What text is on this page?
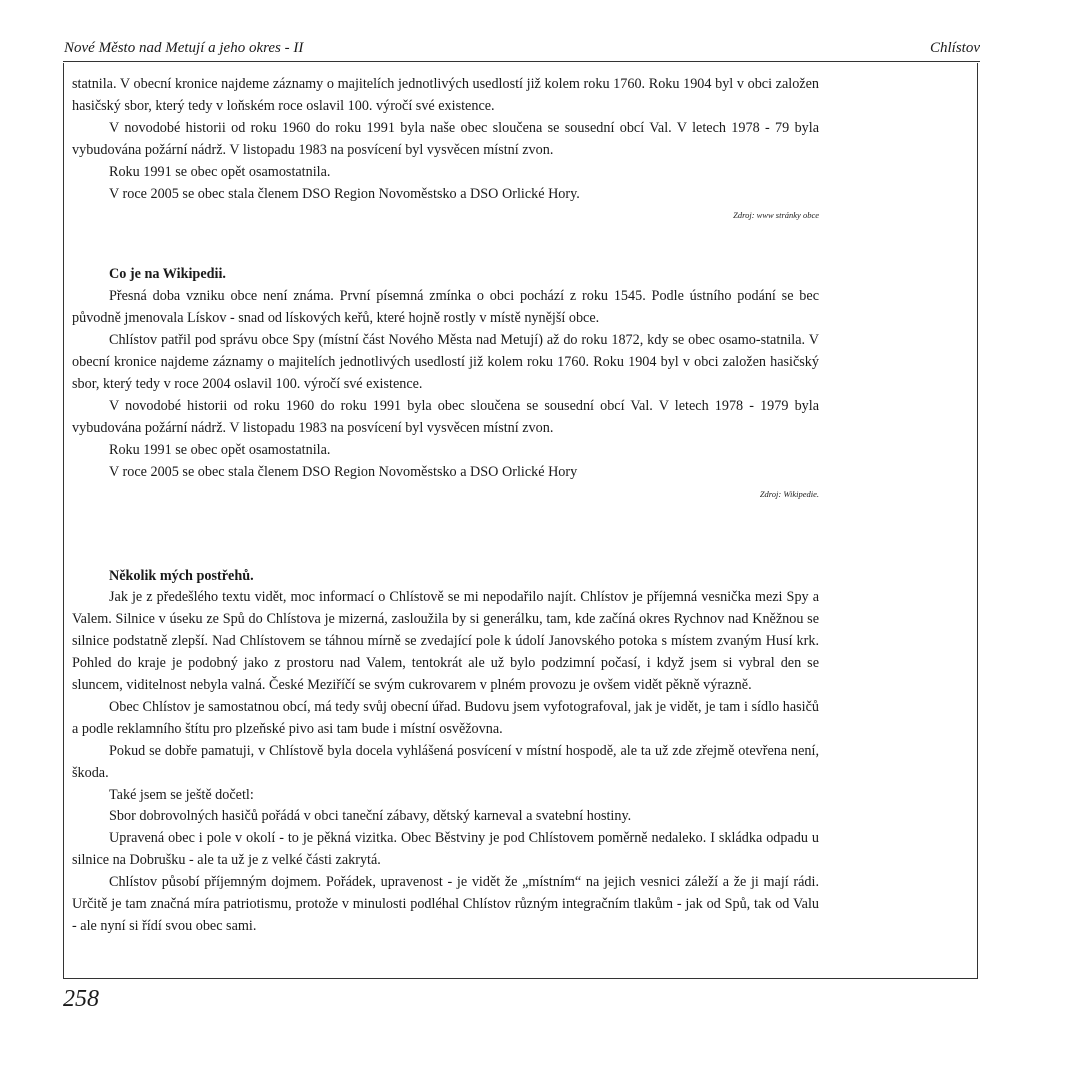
Nové Město nad Metují a jeho okres - II	Chlístov

statnila. V obecní kronice najdeme záznamy o majitelích jednotlivých usedlostí již kolem roku 1760. Roku 1904 byl v obci založen hasičský sbor, který tedy v loňském roce oslavil 100. výročí své existence.

V novodobé historii od roku 1960 do roku 1991 byla naše obec sloučena se sousední obcí Val. V letech 1978 - 79 byla vybudována požární nádrž. V listopadu 1983 na posvícení byl vysvěcen místní zvon.

Roku 1991 se obec opět osamostatnila.

V roce 2005 se obec stala členem DSO Region Novoměstsko a DSO Orlické Hory.

Zdroj: www stránky obce

Co je na Wikipedii.

Přesná doba vzniku obce není známa. První písemná zmínka o obci pochází z roku 1545. Podle ústního podání se bec původně jmenovala Lískov - snad od lískových keřů, které hojně rostly v místě nynější obce.

Chlístov patřil pod správu obce Spy (místní část Nového Města nad Metují) až do roku 1872, kdy se obec osamo-statnila. V obecní kronice najdeme záznamy o majitelích jednotlivých usedlostí již kolem roku 1760. Roku 1904 byl v obci založen hasičský sbor, který tedy v roce 2004 oslavil 100. výročí své existence.

V novodobé historii od roku 1960 do roku 1991 byla obec sloučena se sousední obcí Val. V letech 1978 - 1979 byla vybudována požární nádrž. V listopadu 1983 na posvícení byl vysvěcen místní zvon.

Roku 1991 se obec opět osamostatnila.

V roce 2005 se obec stala členem DSO Region Novoměstsko a DSO Orlické Hory

Zdroj: Wikipedie.

Několik mých postřehů.

Jak je z předešlého textu vidět, moc informací o Chlístově se mi nepodařilo najít. Chlístov je příjemná vesnička mezi Spy a Valem. Silnice v úseku ze Spů do Chlístova je mizerná, zasloužila by si generálku, tam, kde začíná okres Rychnov nad Kněžnou se silnice podstatně zlepší. Nad Chlístovem se táhnou mírně se zvedající pole k údolí Janovského potoka s místem zvaným Husí krk. Pohled do kraje je podobný jako z prostoru nad Valem, tentokrát ale už bylo podzimní počasí, i když jsem si vybral den se sluncem, viditelnost nebyla valná. České Meziříčí se svým cukrovarem v plném provozu je ovšem vidět pěkně výrazně.

Obec Chlístov je samostatnou obcí, má tedy svůj obecní úřad. Budovu jsem vyfotografoval, jak je vidět, je tam i sídlo hasičů a podle reklamního štítu pro plzeňské pivo asi tam bude i místní osvěžovna.

Pokud se dobře pamatuji, v Chlístově byla docela vyhlášená posvícení v místní hospodě, ale ta už zde zřejmě otevřena není, škoda.

Také jsem se ještě dočetl:

Sbor dobrovolných hasičů pořádá v obci taneční zábavy, dětský karneval a svatební hostiny.

Upravená obec i pole v okolí - to je pěkná vizitka. Obec Běstviny je pod Chlístovem poměrně nedaleko. I skládka odpadu u silnice na Dobrušku - ale ta už je z velké části zakrytá.

Chlístov působí příjemným dojmem. Pořádek, upravenost - je vidět že „místním“ na jejich vesnici záleží a že ji mají rádi. Určitě je tam značná míra patriotismu, protože v minulosti podléhal Chlístov různým integračním tlakům - jak od Spů, tak od Valu - ale nyní si řídí svou obec sami.

258
